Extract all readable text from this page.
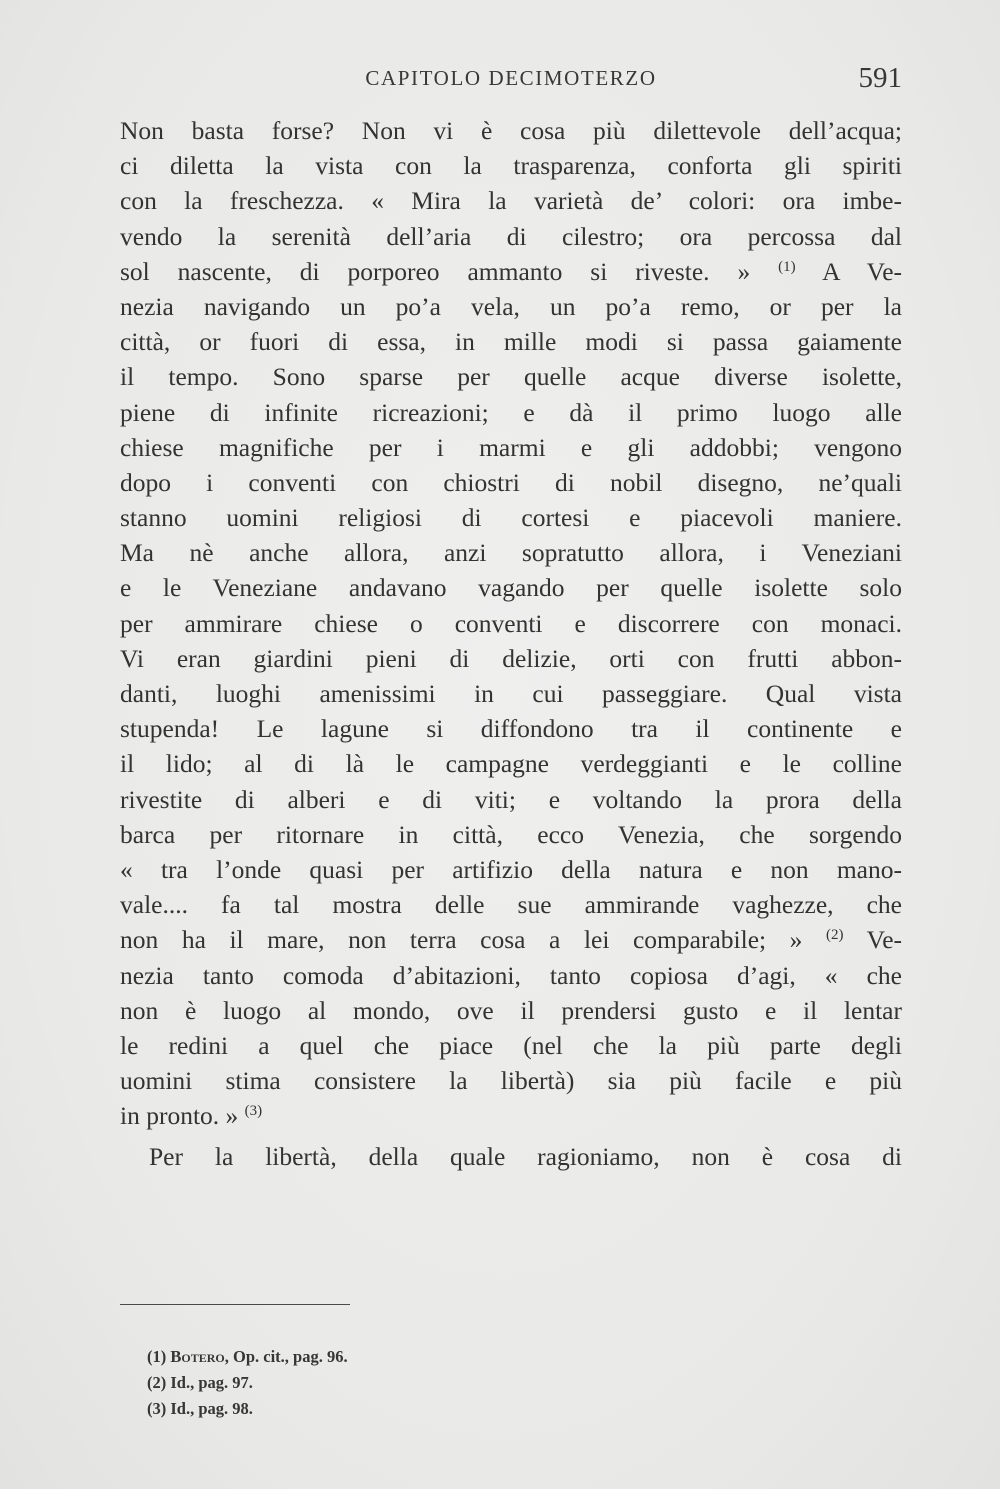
CAPITOLO DECIMOTERZO	591
Non basta forse? Non vi è cosa più dilettevole dell’acqua;
ci diletta la vista con la trasparenza, conforta gli spiriti
con la freschezza. « Mira la varietà de’ colori: ora imbe-
vendo la serenità dell’aria di cilestro; ora percossa dal
sol nascente, di porporeo ammanto si riveste. » $^{(1)}$ A Ve-
nezia navigando un po’a vela, un po’a remo, or per la
città, or fuori di essa, in mille modi si passa gaiamente
il tempo. Sono sparse per quelle acque diverse isolette,
piene di infinite ricreazioni; e dà il primo luogo alle
chiese magnifiche per i marmi e gli addobbi; vengono
dopo i conventi con chiostri di nobil disegno, ne’quali
stanno uomini religiosi di cortesi e piacevoli maniere.
Ma nè anche allora, anzi sopratutto allora, i Veneziani
e le Veneziane andavano vagando per quelle isolette solo
per ammirare chiese o conventi e discorrere con monaci.
Vi eran giardini pieni di delizie, orti con frutti abbon-
danti, luoghi amenissimi in cui passeggiare. Qual vista
stupenda! Le lagune si diffondono tra il continente e
il lido; al di là le campagne verdeggianti e le colline
rivestite di alberi e di viti; e voltando la prora della
barca per ritornare in città, ecco Venezia, che sorgendo
« tra l’onde quasi per artifizio della natura e non mano-
vale.... fa tal mostra delle sue ammirande vaghezze, che
non ha il mare, non terra cosa a lei comparabile; » $^{(2)}$ Ve-
nezia tanto comoda d’abitazioni, tanto copiosa d’agi, « che
non è luogo al mondo, ove il prendersi gusto e il lentar
le redini a quel che piace (nel che la più parte degli
uomini stima consistere la libertà) sia più facile e più
in pronto. » $^{(3)}$
Per la libertà, della quale ragioniamo, non è cosa di
(1) Botero, Op. cit., pag. 96.
(2) Id., pag. 97.
(3) Id., pag. 98.
